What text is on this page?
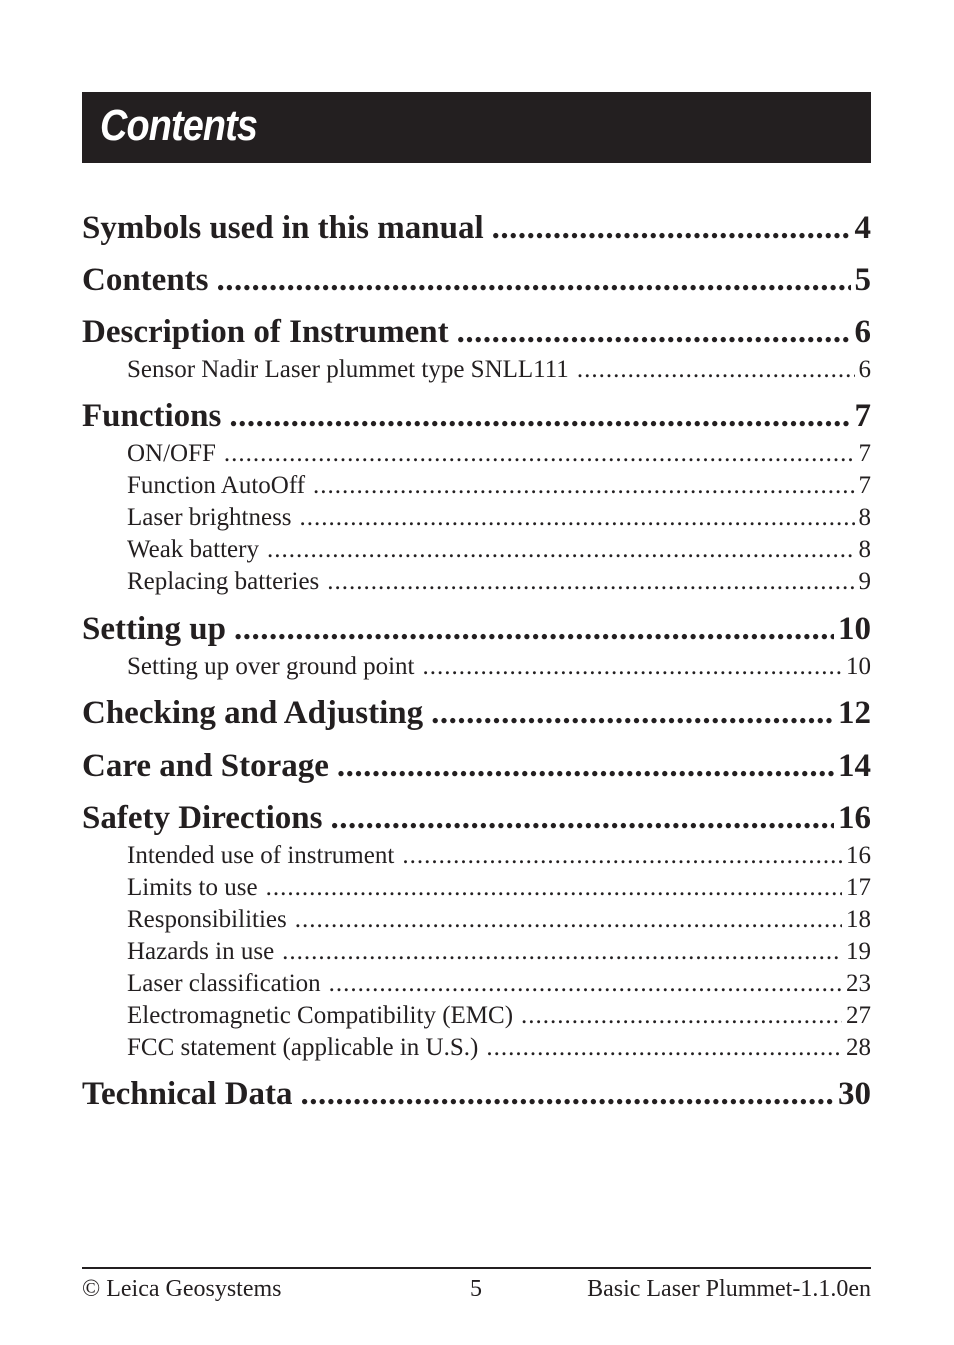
Contents
Symbols used in this manual .....	4
Contents .....	5
Description of Instrument .....	6
Sensor Nadir Laser plummet type SNLL111 .....	6
Functions .....	7
ON/OFF .....	7
Function AutoOff .....	7
Laser brightness .....	8
Weak battery .....	8
Replacing batteries .....	9
Setting up .....	10
Setting up over ground point .....	10
Checking and Adjusting .....	12
Care and Storage .....	14
Safety Directions .....	16
Intended use of instrument .....	16
Limits to use .....	17
Responsibilities .....	18
Hazards in use .....	19
Laser classification .....	23
Electromagnetic Compatibility (EMC) .....	27
FCC statement (applicable in U.S.) .....	28
Technical Data .....	30
© Leica Geosystems	5	Basic Laser Plummet-1.1.0en
